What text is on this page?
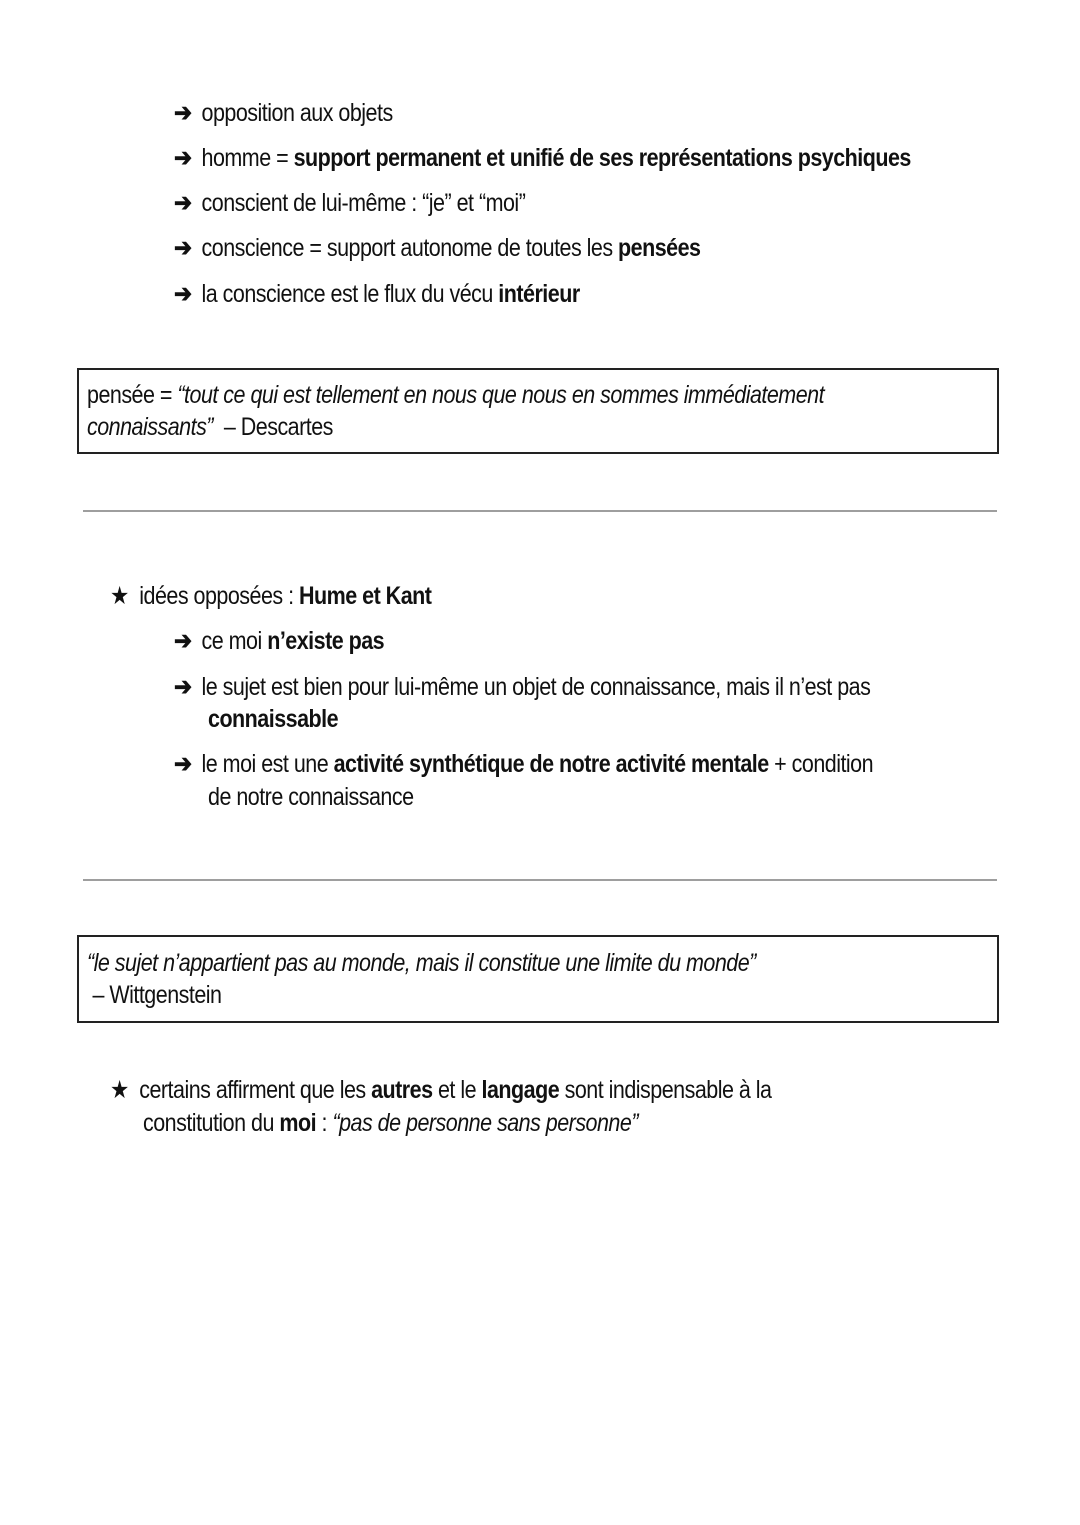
➔ opposition aux objets
➔ homme = support permanent et unifié de ses représentations psychiques
➔ conscient de lui-même : “je” et “moi”
➔ conscience = support autonome de toutes les pensées
➔ la conscience est le flux du vécu intérieur
pensée = “tout ce qui est tellement en nous que nous en sommes immédiatement
connaissants”  – Descartes
★ idées opposées : Hume et Kant
➔ ce moi n’existe pas
➔ le sujet est bien pour lui-même un objet de connaissance, mais il n’est pas
connaissable
➔ le moi est une activité synthétique de notre activité mentale + condition
de notre connaissance
“le sujet n’appartient pas au monde, mais il constitue une limite du monde”
– Wittgenstein
★ certains affirment que les autres et le langage sont indispensable à la
constitution du moi : “pas de personne sans personne”
